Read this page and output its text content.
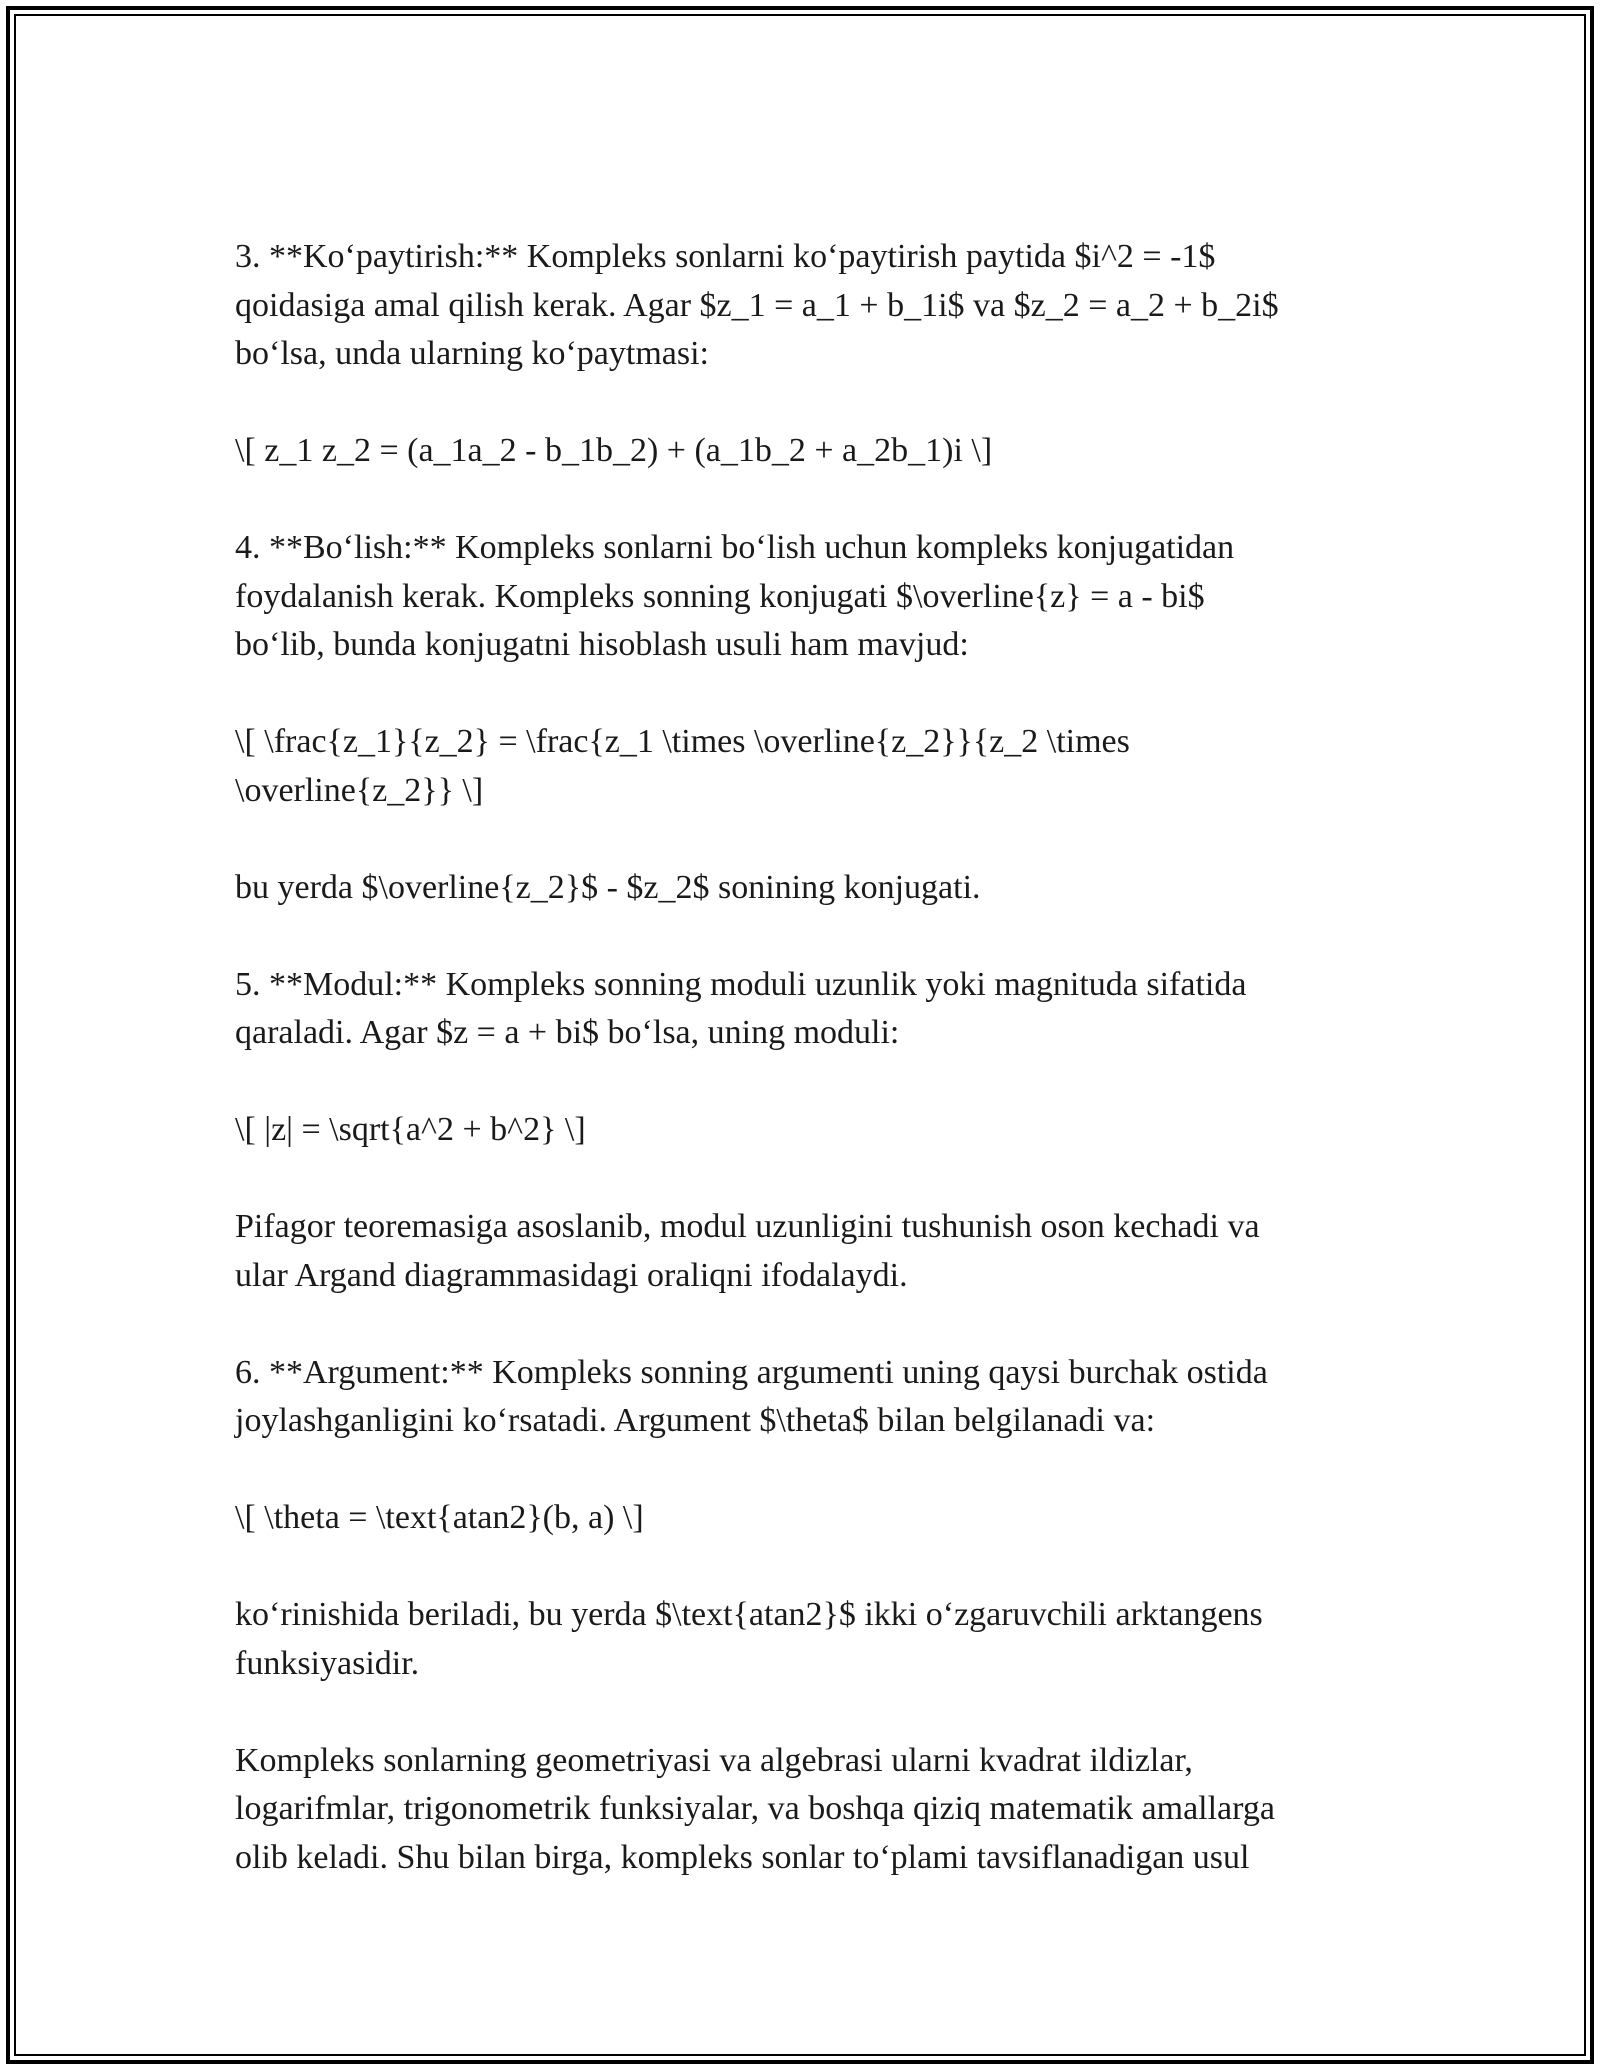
3. **Ko‘paytirish:** Kompleks sonlarni ko‘paytirish paytida $i^2 = -1$
qoidasiga amal qilish kerak. Agar $z_1 = a_1 + b_1i$ va $z_2 = a_2 + b_2i$
bo‘lsa, unda ularning ko‘paytmasi:

\[ z_1 z_2 = (a_1a_2 - b_1b_2) + (a_1b_2 + a_2b_1)i \]

4. **Bo‘lish:** Kompleks sonlarni bo‘lish uchun kompleks konjugatidan
foydalanish kerak. Kompleks sonning konjugati $\overline{z} = a - bi$
bo‘lib, bunda konjugatni hisoblash usuli ham mavjud:

\[ \frac{z_1}{z_2} = \frac{z_1 \times \overline{z_2}}{z_2 \times
\overline{z_2}} \]

bu yerda $\overline{z_2}$ - $z_2$ sonining konjugati.

5. **Modul:** Kompleks sonning moduli uzunlik yoki magnituda sifatida
qaraladi. Agar $z = a + bi$ bo‘lsa, uning moduli:

\[ |z| = \sqrt{a^2 + b^2} \]

Pifagor teoremasiga asoslanib, modul uzunligini tushunish oson kechadi va
ular Argand diagrammasidagi oraliqni ifodalaydi.

6. **Argument:** Kompleks sonning argumenti uning qaysi burchak ostida
joylashganligini ko‘rsatadi. Argument $\theta$ bilan belgilanadi va:

\[ \theta = \text{atan2}(b, a) \]

ko‘rinishida beriladi, bu yerda $\text{atan2}$ ikki o‘zgaruvchili arktangens
funksiyasidir.

Kompleks sonlarning geometriyasi va algebrasi ularni kvadrat ildizlar,
logarifmlar, trigonometrik funksiyalar, va boshqa qiziq matematik amallarga
olib keladi. Shu bilan birga, kompleks sonlar to‘plami tavsiflanadigan usul
